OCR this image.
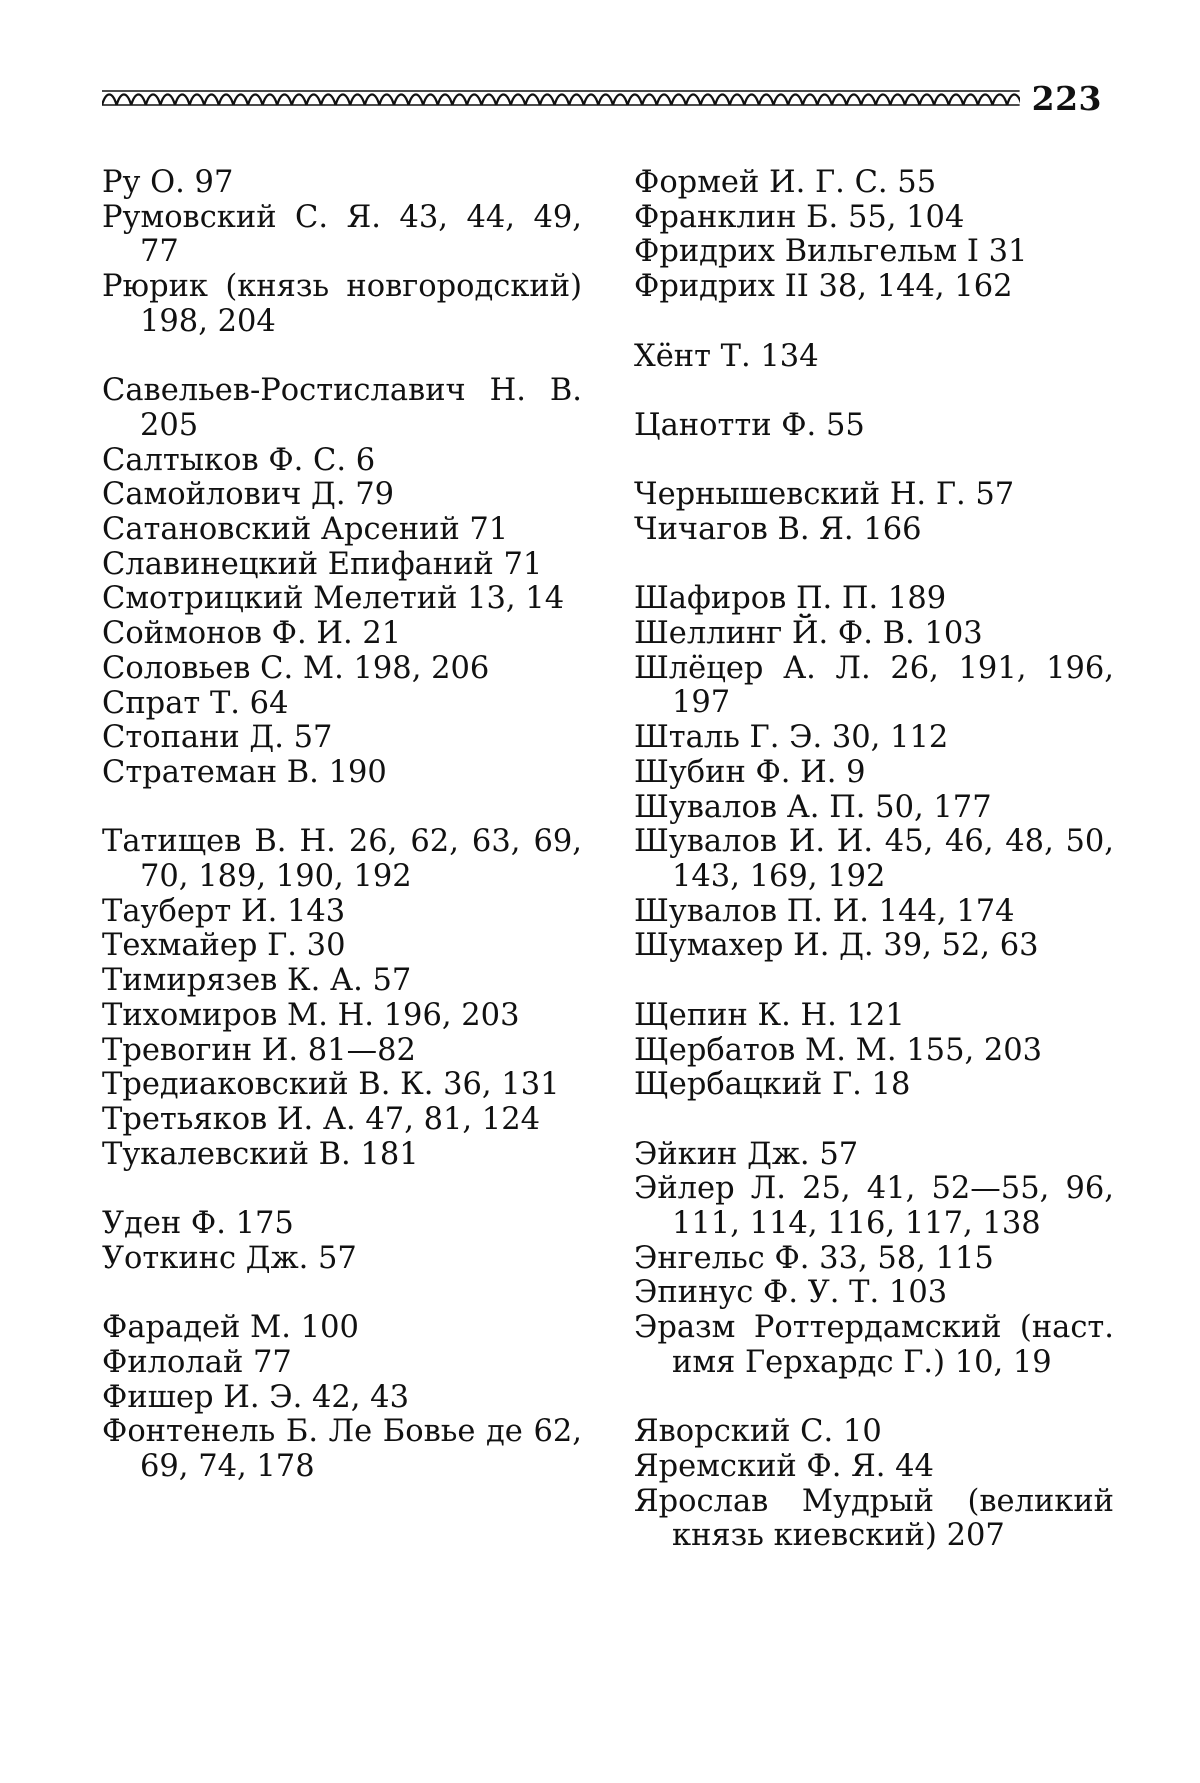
223
Ру О. 97
Румовский С. Я. 43, 44, 49, 77
Рюрик (князь новгородский) 198, 204
Савельев-Ростиславич Н. В. 205
Салтыков Ф. С. 6
Самойлович Д. 79
Сатановский Арсений 71
Славинецкий Епифаний 71
Смотрицкий Мелетий 13, 14
Соймонов Ф. И. 21
Соловьев С. М. 198, 206
Спрат Т. 64
Стопани Д. 57
Стратеман В. 190
Татищев В. Н. 26, 62, 63, 69, 70, 189, 190, 192
Тауберт И. 143
Техмайер Г. 30
Тимирязев К. А. 57
Тихомиров М. Н. 196, 203
Тревогин И. 81—82
Тредиаковский В. К. 36, 131
Третьяков И. А. 47, 81, 124
Тукалевский В. 181
Уден Ф. 175
Уоткинс Дж. 57
Фарадей М. 100
Филолай 77
Фишер И. Э. 42, 43
Фонтенель Б. Ле Бовье де 62, 69, 74, 178
Формей И. Г. С. 55
Франклин Б. 55, 104
Фридрих Вильгельм I 31
Фридрих II 38, 144, 162
Хёнт Т. 134
Цанотти Ф. 55
Чернышевский Н. Г. 57
Чичагов В. Я. 166
Шафиров П. П. 189
Шеллинг Й. Ф. В. 103
Шлёцер А. Л. 26, 191, 196, 197
Шталь Г. Э. 30, 112
Шубин Ф. И. 9
Шувалов А. П. 50, 177
Шувалов И. И. 45, 46, 48, 50, 143, 169, 192
Шувалов П. И. 144, 174
Шумахер И. Д. 39, 52, 63
Щепин К. Н. 121
Щербатов М. М. 155, 203
Щербацкий Г. 18
Эйкин Дж. 57
Эйлер Л. 25, 41, 52—55, 96, 111, 114, 116, 117, 138
Энгельс Ф. 33, 58, 115
Эпинус Ф. У. Т. 103
Эразм Роттердамский (наст. имя Герхардс Г.) 10, 19
Яворский С. 10
Яремский Ф. Я. 44
Ярослав Мудрый (великий князь киевский) 207
